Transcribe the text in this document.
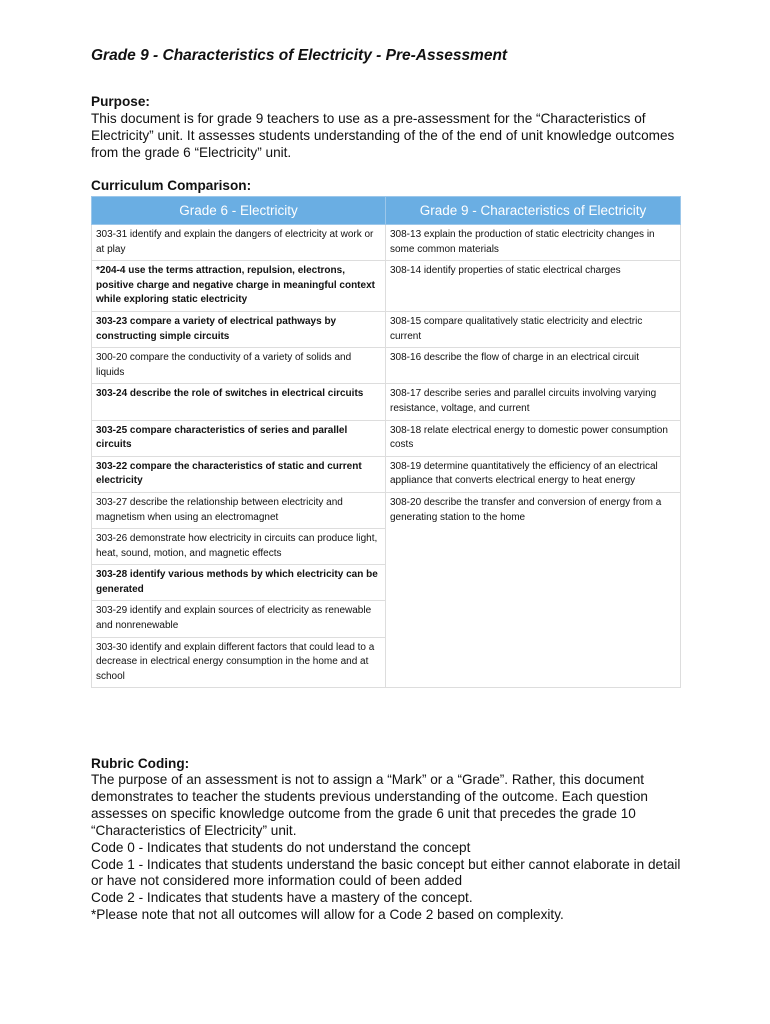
Grade 9 - Characteristics of Electricity - Pre-Assessment

Purpose:

This document is for grade 9 teachers to use as a pre-assessment for the “Characteristics of Electricity” unit. It assesses students understanding of the of the end of unit knowledge outcomes from the grade 6 “Electricity” unit.

Curriculum Comparison:

Grade 6 - Electricity	Grade 9 - Characteristics of Electricity
303-31 identify and explain the dangers of electricity at work or at play	308-13 explain the production of static electricity changes in some common materials
*204-4 use the terms attraction, repulsion, electrons, positive charge and negative charge in meaningful context while exploring static electricity	308-14 identify properties of static electrical charges
303-23 compare a variety of electrical pathways by constructing simple circuits	308-15 compare qualitatively static electricity and electric current
300-20 compare the conductivity of a variety of solids and liquids	308-16 describe the flow of charge in an electrical circuit
303-24 describe the role of switches in electrical circuits	308-17 describe series and parallel circuits involving varying resistance, voltage, and current
303-25 compare characteristics of series and parallel circuits	308-18 relate electrical energy to domestic power consumption costs
303-22 compare the characteristics of static and current electricity	308-19 determine quantitatively the efficiency of an electrical appliance that converts electrical energy to heat energy
303-27 describe the relationship between electricity and magnetism when using an electromagnet	308-20 describe the transfer and conversion of energy from a generating station to the home
303-26 demonstrate how electricity in circuits can produce light, heat, sound, motion, and magnetic effects	
303-28 identify various methods by which electricity can be generated	
303-29 identify and explain sources of electricity as renewable and nonrenewable	
303-30 identify and explain different factors that could lead to a decrease in electrical energy consumption in the home and at school	

Rubric Coding:

The purpose of an assessment is not to assign a “Mark” or a “Grade”. Rather, this document demonstrates to teacher the students previous understanding of the outcome. Each question assesses on specific knowledge outcome from the grade 6 unit that precedes the grade 10 “Characteristics of Electricity” unit.

Code 0 - Indicates that students do not understand the concept

Code 1 - Indicates that students understand the basic concept but either cannot elaborate in detail or have not considered more information could of been added

Code 2 - Indicates that students have a mastery of the concept.

*Please note that not all outcomes will allow for a Code 2 based on complexity.
